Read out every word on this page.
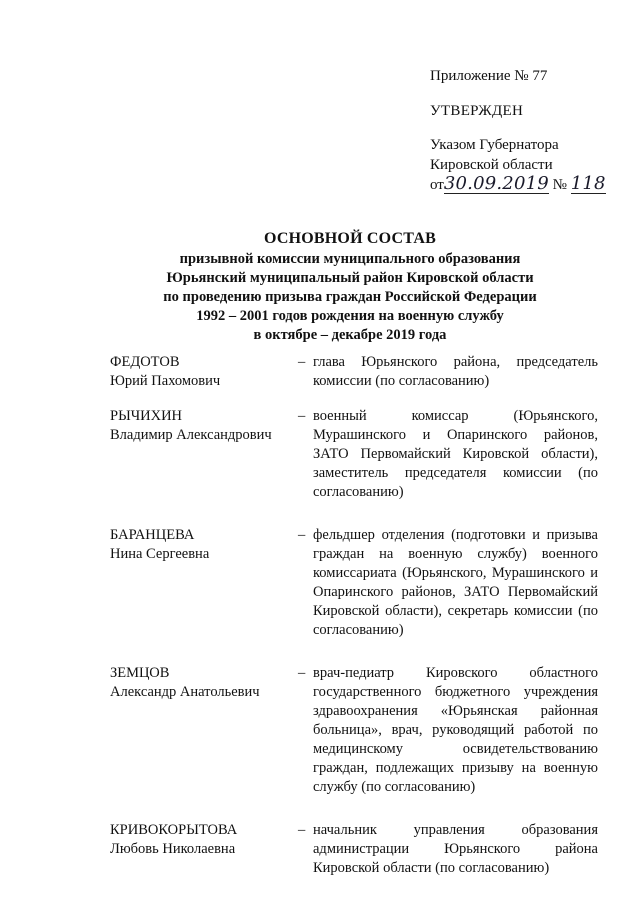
Приложение № 77
УТВЕРЖДЕН
Указом Губернатора
Кировской области
от30.09.2019 № 118
ОСНОВНОЙ СОСТАВ
призывной комиссии муниципального образования
Юрьянский муниципальный район Кировской области
по проведению призыва граждан Российской Федерации
1992 – 2001 годов рождения на военную службу
в октябре – декабре 2019 года
ФЕДОТОВ
Юрий Пахомович
– глава Юрьянского района, председатель комиссии (по согласованию)
РЫЧИХИН
Владимир Александрович
– военный комиссар (Юрьянского, Мурашинского и Опаринского районов, ЗАТО Первомайский Кировской области), заместитель председателя комиссии (по согласованию)
БАРАНЦЕВА
Нина Сергеевна
– фельдшер отделения (подготовки и призыва граждан на военную службу) военного комиссариата (Юрьянского, Мурашинского и Опаринского районов, ЗАТО Первомайский Кировской области), секретарь комиссии (по согласованию)
ЗЕМЦОВ
Александр Анатольевич
– врач-педиатр Кировского областного государственного бюджетного учреждения здравоохранения «Юрьянская районная больница», врач, руководящий работой по медицинскому освидетельствованию граждан, подлежащих призыву на военную службу (по согласованию)
КРИВОКОРЫТОВА
Любовь Николаевна
– начальник управления образования администрации Юрьянского района Кировской области (по согласованию)
